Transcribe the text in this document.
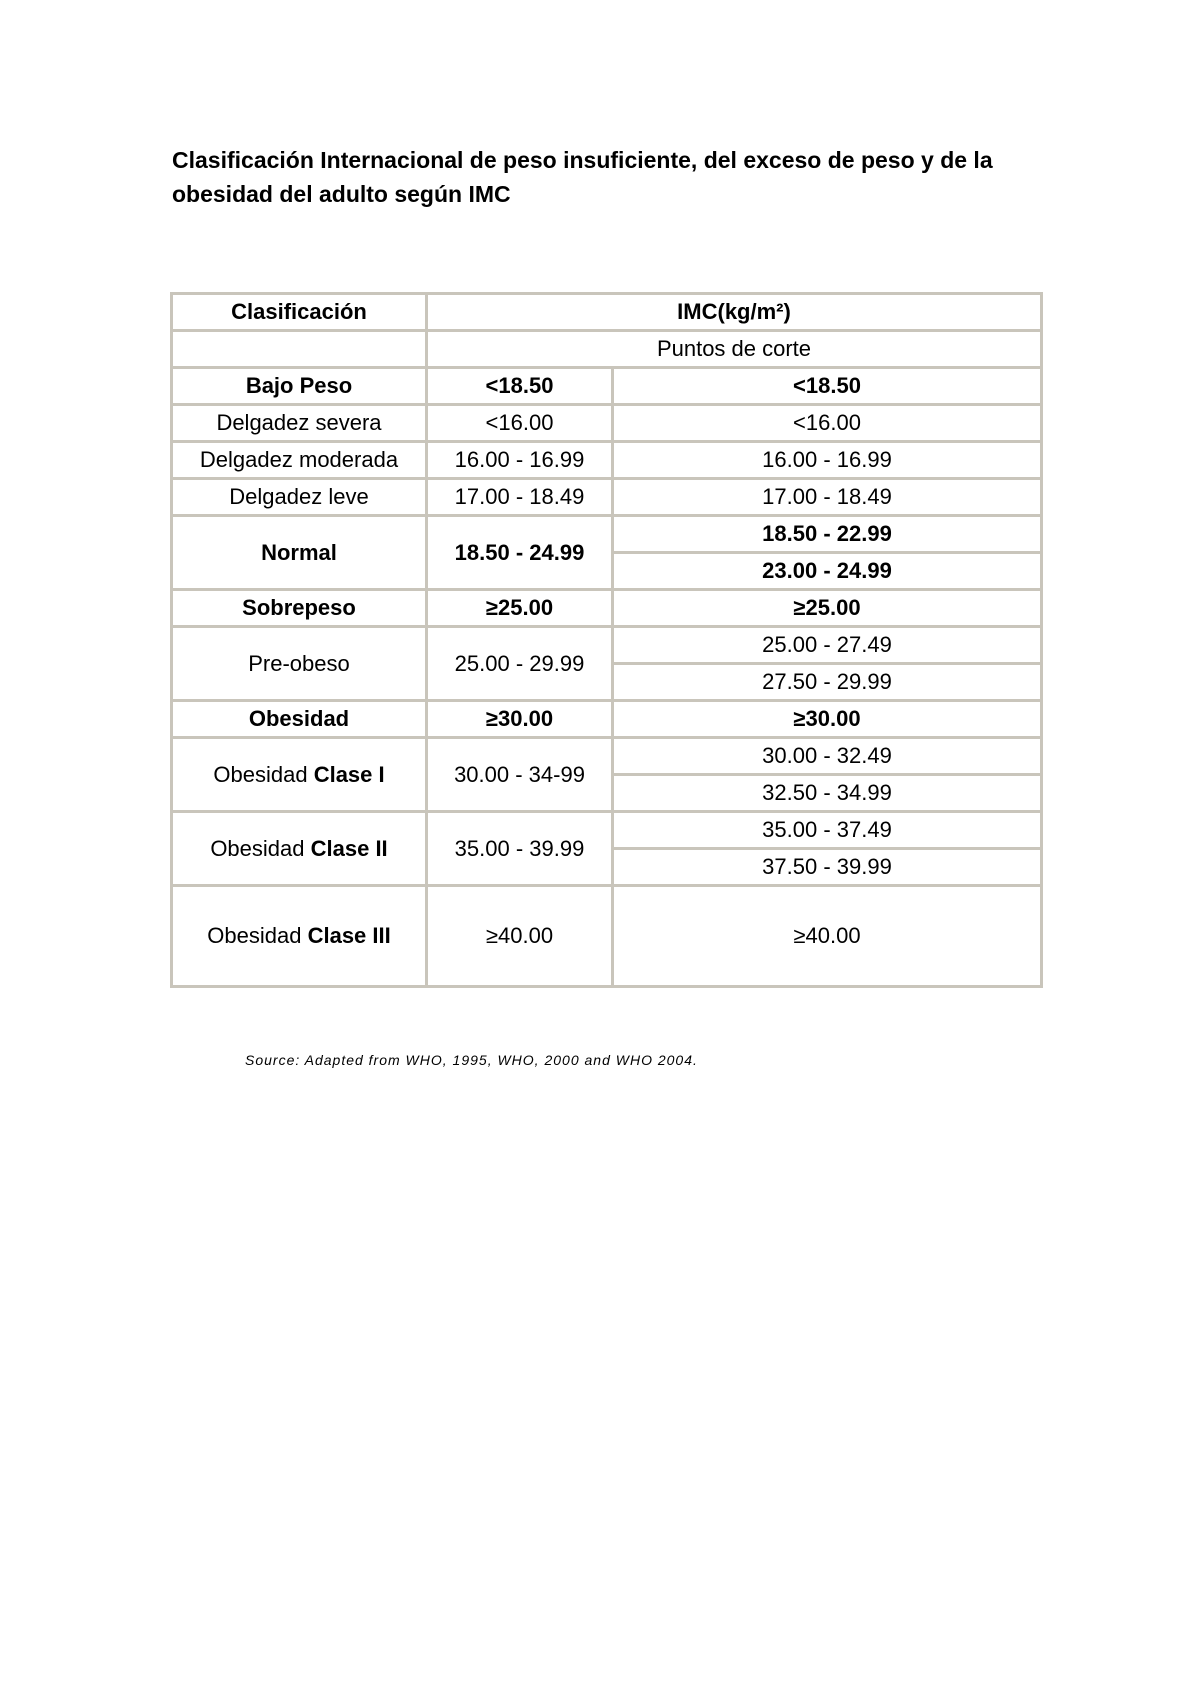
Clasificación Internacional de peso insuficiente, del exceso de peso y de la obesidad del adulto según IMC
Clasificación	IMC(kg/m²)	
	Puntos de corte	
Bajo Peso	<18.50	<18.50
Delgadez severa	<16.00	<16.00
Delgadez moderada	16.00 - 16.99	16.00 - 16.99
Delgadez leve	17.00 - 18.49	17.00 - 18.49
Normal	18.50 - 24.99	18.50 - 22.99
		23.00 - 24.99
Sobrepeso	≥25.00	≥25.00
Pre-obeso	25.00 - 29.99	25.00 - 27.49
		27.50 - 29.99
Obesidad	≥30.00	≥30.00
Obesidad Clase I	30.00 - 34-99	30.00 - 32.49
		32.50 - 34.99
Obesidad Clase II	35.00 - 39.99	35.00 - 37.49
		37.50 - 39.99
Obesidad Clase III	≥40.00	≥40.00

Source: Adapted from WHO, 1995, WHO, 2000 and WHO 2004.
